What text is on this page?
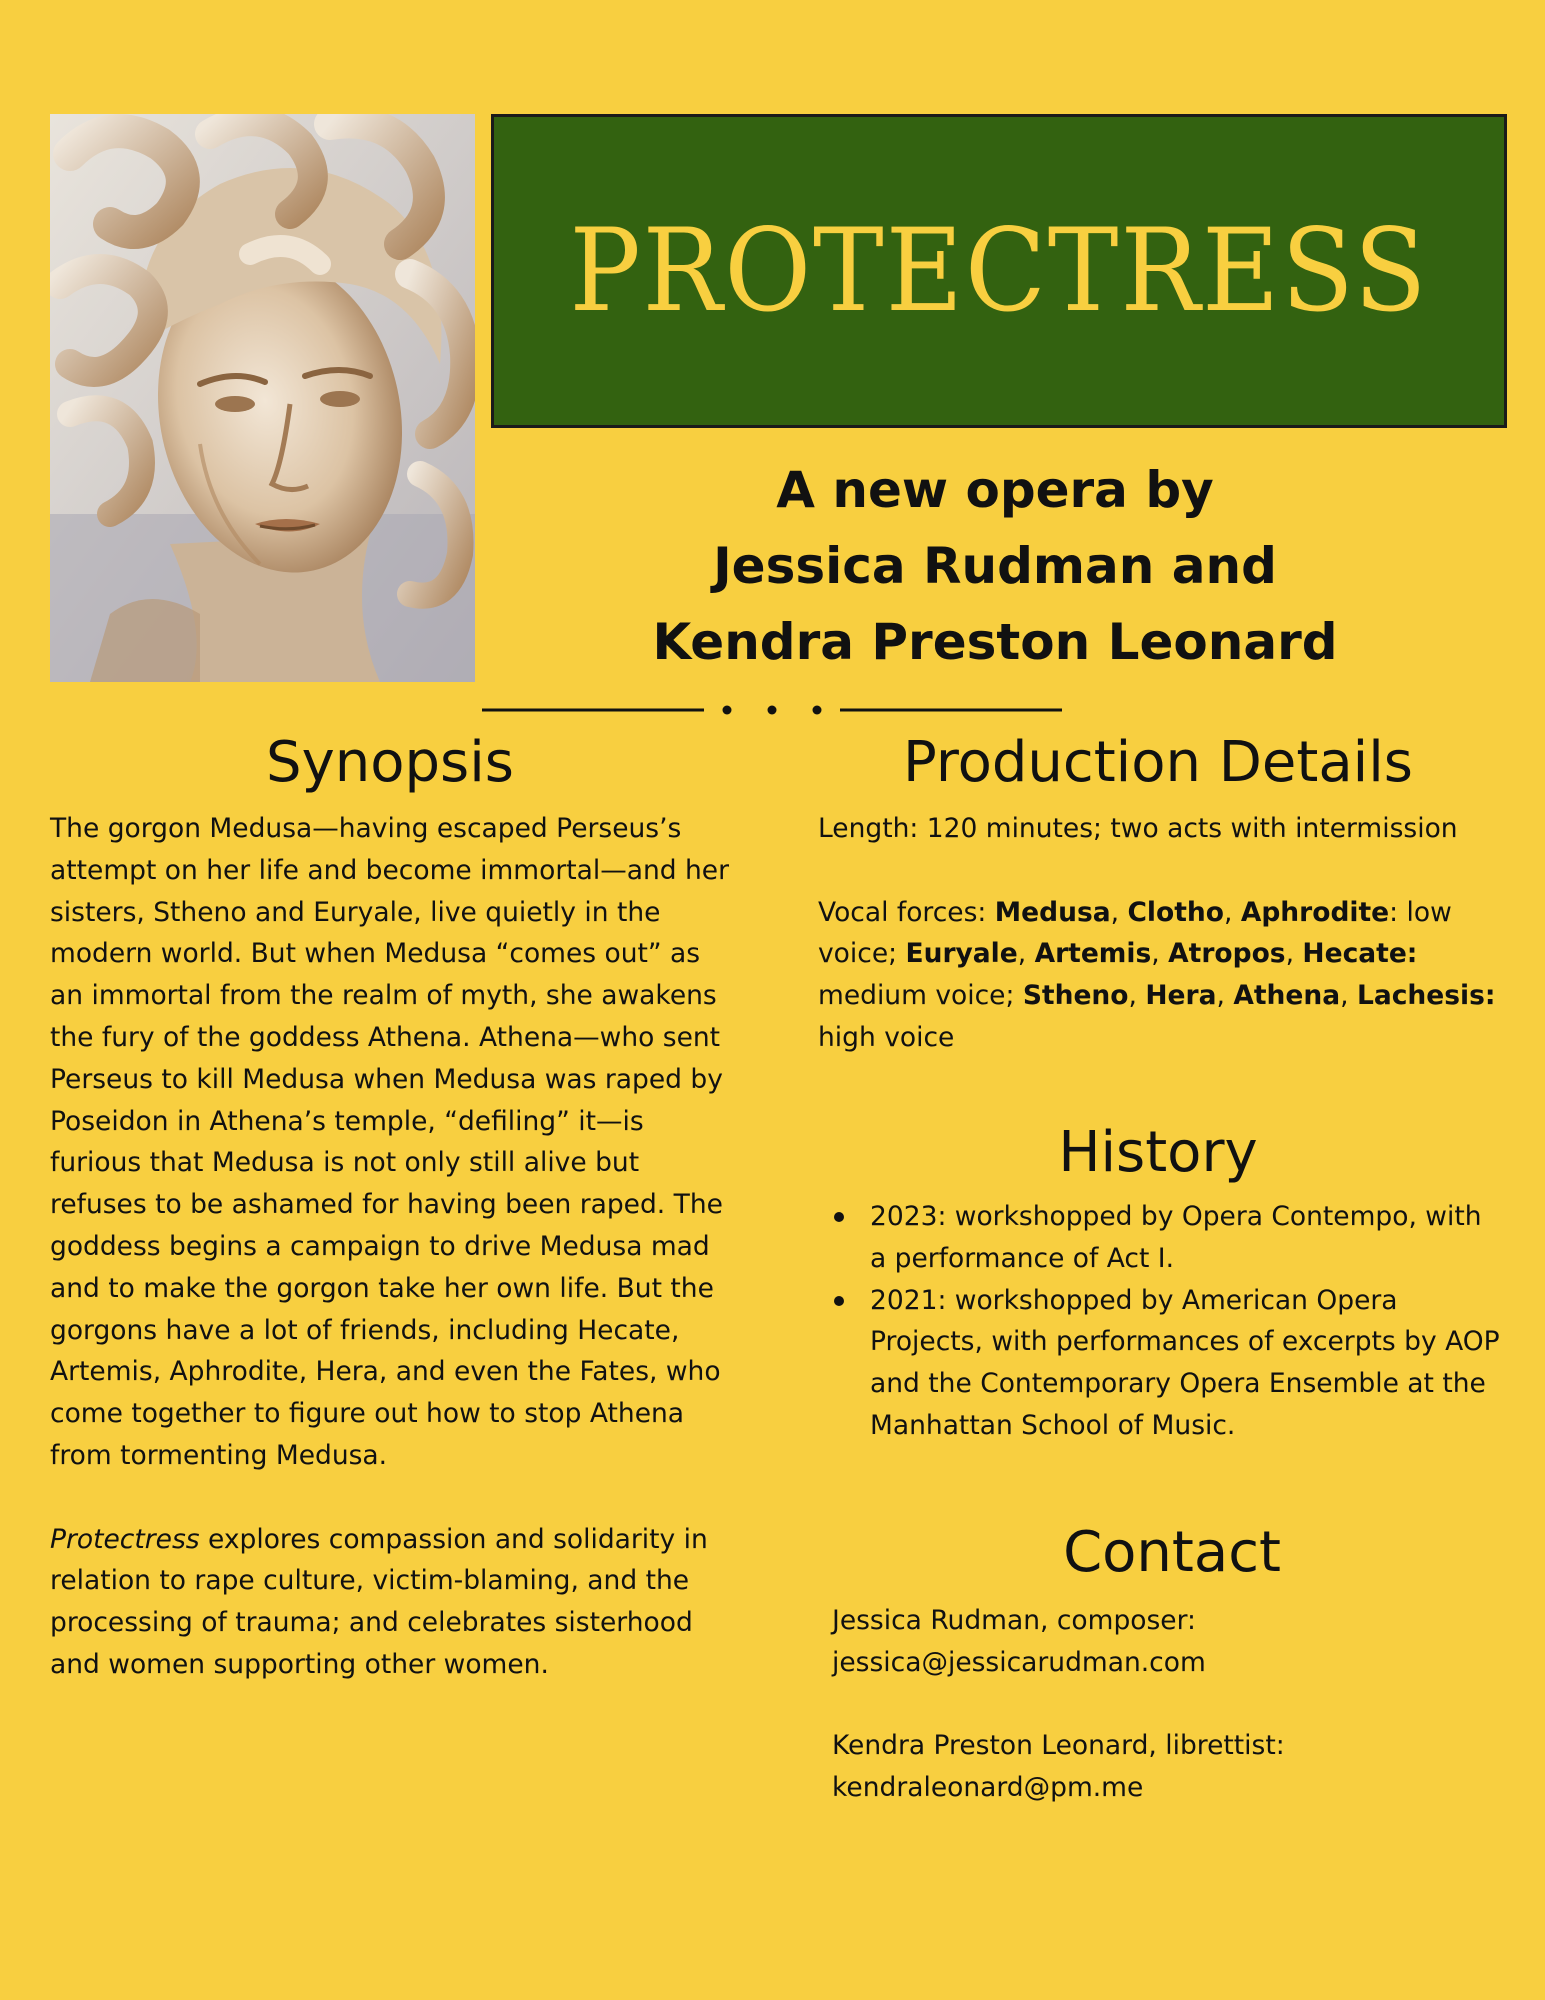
PROTECTRESS
A new opera by
Jessica Rudman and
Kendra Preston Leonard
Synopsis

The gorgon Medusa—having escaped Perseus’s attempt on her life and become immortal—and her sisters, Stheno and Euryale, live quietly in the modern world. But when Medusa “comes out” as an immortal from the realm of myth, she awakens the fury of the goddess Athena. Athena—who sent Perseus to kill Medusa when Medusa was raped by Poseidon in Athena’s temple, “defiling” it—is furious that Medusa is not only still alive but refuses to be ashamed for having been raped. The goddess begins a campaign to drive Medusa mad and to make the gorgon take her own life. But the gorgons have a lot of friends, including Hecate, Artemis, Aphrodite, Hera, and even the Fates, who come together to figure out how to stop Athena from tormenting Medusa.

Protectress explores compassion and solidarity in relation to rape culture, victim-blaming, and the processing of trauma; and celebrates sisterhood and women supporting other women.

Production Details

Length: 120 minutes; two acts with intermission

Vocal forces: Medusa, Clotho, Aphrodite: low voice; Euryale, Artemis, Atropos, Hecate: medium voice; Stheno, Hera, Athena, Lachesis: high voice

History
2023: workshopped by Opera Contempo, with a performance of Act I.
2021: workshopped by American Opera Projects, with performances of excerpts by AOP and the Contemporary Opera Ensemble at the Manhattan School of Music.
Contact

Jessica Rudman, composer:

jessica@jessicarudman.com

Kendra Preston Leonard, librettist:

kendraleonard@pm.me
